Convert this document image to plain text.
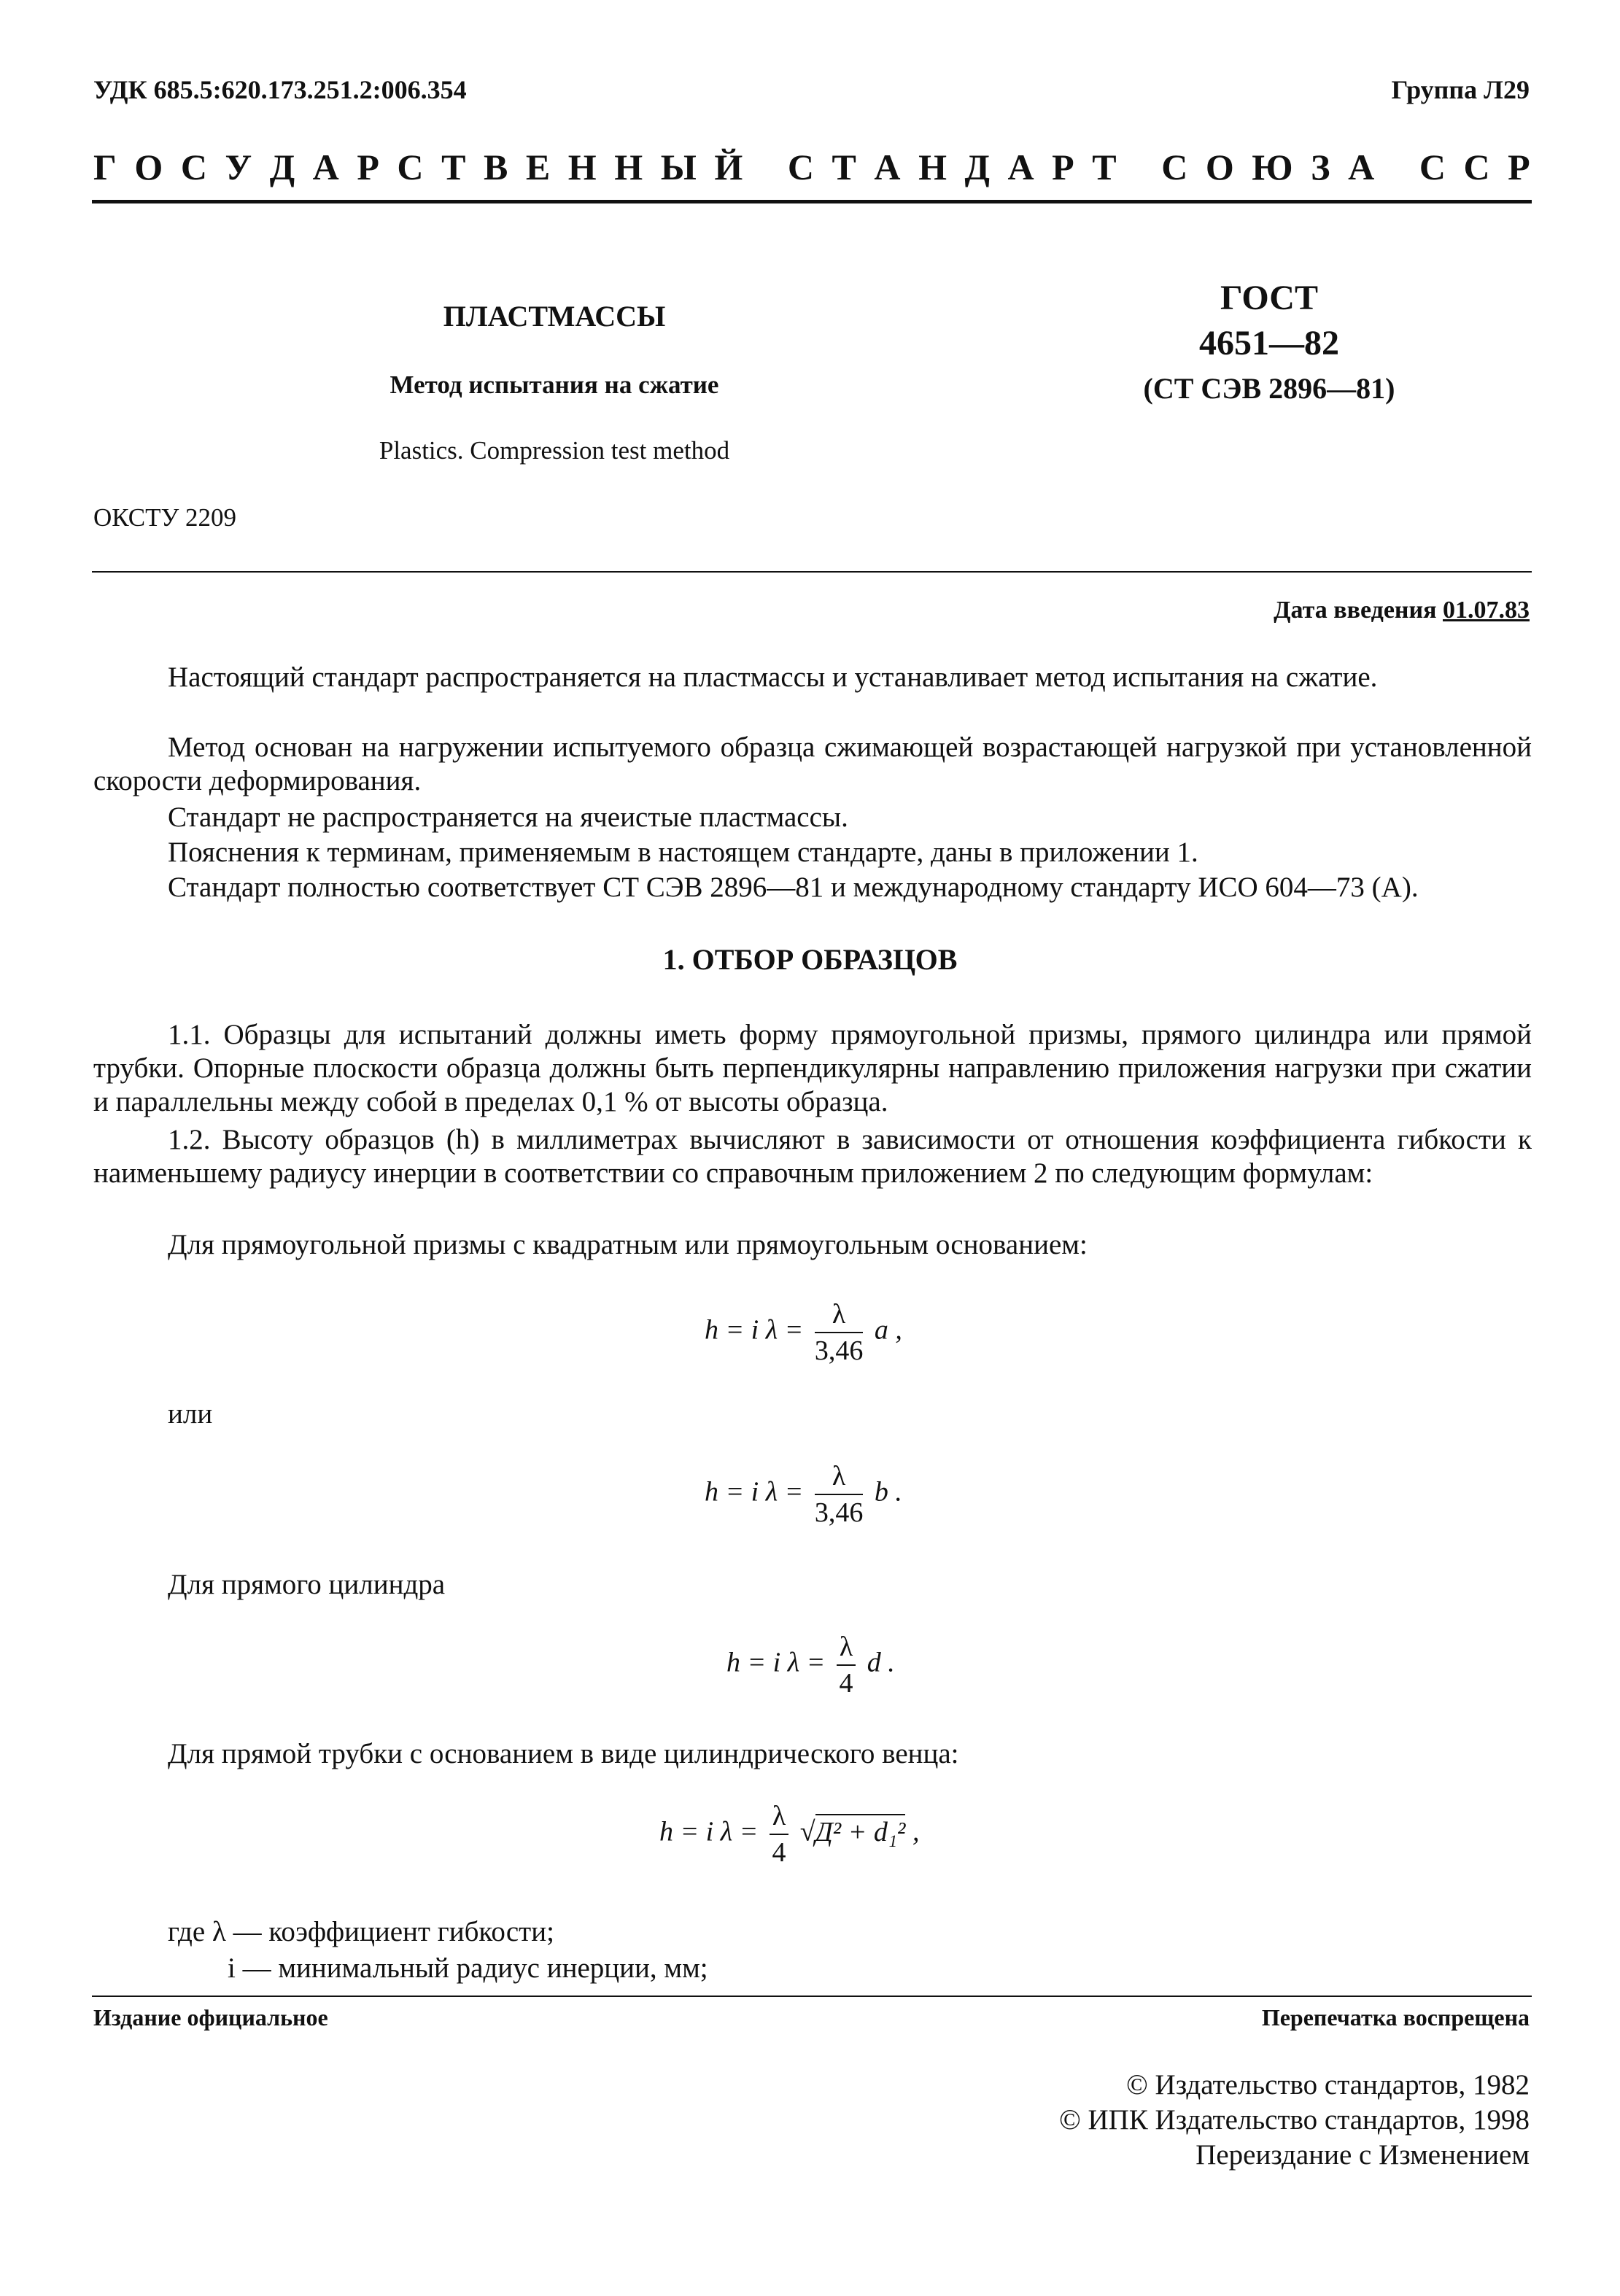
УДК 685.5:620.173.251.2:006.354	Группа Л29
Г О С У Д А Р С Т В Е Н Н Ы Й
С Т А Н Д А Р Т
С О Ю З А
С С Р
ПЛАСТМАССЫ
Метод испытания на сжатие
Plastics. Compression test method
ГОСТ
4651—82
(СТ СЭВ 2896—81)
ОКСТУ 2209
Дата введения 01.07.83
Настоящий стандарт распространяется на пластмассы и устанавливает метод испытания на сжатие.
Метод основан на нагружении испытуемого образца сжимающей возрастающей нагрузкой при установленной скорости деформирования.
Стандарт не распространяется на ячеистые пластмассы.
Пояснения к терминам, применяемым в настоящем стандарте, даны в приложении 1.
Стандарт полностью соответствует СТ СЭВ 2896—81 и международному стандарту ИСО 604—73 (А).
1. ОТБОР ОБРАЗЦОВ
1.1. Образцы для испытаний должны иметь форму прямоугольной призмы, прямого цилиндра или прямой трубки. Опорные плоскости образца должны быть перпендикулярны направлению приложения нагрузки при сжатии и параллельны между собой в пределах 0,1 % от высоты образца.
1.2. Высоту образцов (h) в миллиметрах вычисляют в зависимости от отношения коэффициента гибкости к наименьшему радиусу инерции в соответствии со справочным приложением 2 по следующим формулам:
Для прямоугольной призмы с квадратным или прямоугольным основанием:
h = i $\lambda = \frac{\lambda}{3,46}$ a ,
или
h = i $\lambda = \frac{\lambda}{3,46}$ b .
Для прямого цилиндра
h = i $\lambda = \frac{\lambda}{4}$ d .
Для прямой трубки с основанием в виде цилиндрического венца:
h = i $\lambda = \frac{\lambda}{4} √Д^2 + d_1^2$ ,
где λ — коэффициент гибкости;
i — минимальный радиус инерции, мм;
Издание официальное	Перепечатка воспрещена
© Издательство стандартов, 1982
© ИПК Издательство стандартов, 1998
Переиздание с Изменением
